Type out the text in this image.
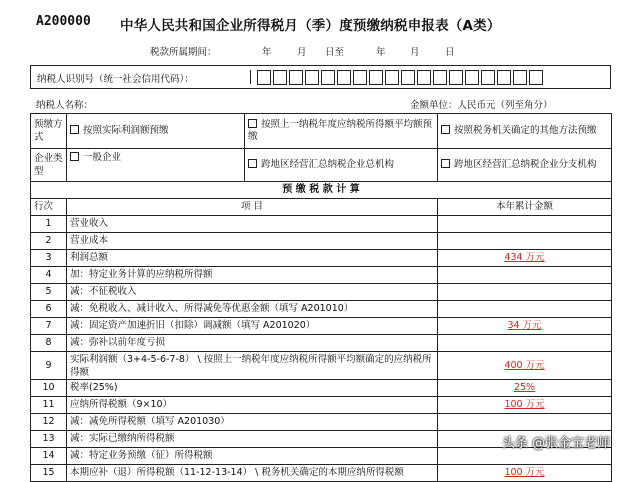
A200000 中华人民共和国企业所得税月（季）度预缴纳税申报表（A类）
税款所属期间：	年	月 日至	年	月	日
纳税人识别号（统一社会信用代码）：
纳税人名称：	金额单位：人民币元（列至角分）
预缴方式	按照实际利润额预缴	按照上一纳税年度应纳税所得额平均额预缴	按照税务机关确定的其他方法预缴
企业类型	一般企业	跨地区经营汇总纳税企业总机构	跨地区经营汇总纳税企业分支机构
预 缴 税 款 计 算			
行次	项 目		本年累计金额
1	营业收入		
2	营业成本		
3	利润总额		434 万元
4	加：特定业务计算的应纳税所得额		
5	减：不征税收入		
6	减：免税收入、减计收入、所得减免等优惠金额（填写 A201010）		
7	减：固定资产加速折旧（扣除）调减额（填写 A201020）		34 万元
8	减：弥补以前年度亏损		
9	实际利润额（3+4-5-6-7-8） \ 按照上一纳税年度应纳税所得额平均额确定的应纳税所得额		400 万元
10	税率(25%)		25%
11	应纳所得税额（9×10）		100 万元
12	减：减免所得税额（填写 A201030）		
13	减：实际已缴纳所得税额		
14	减：特定业务预缴（征）所得税额		
15	本期应补（退）所得税额（11-12-13-14） \ 税务机关确定的本期应纳所得税额		100 万元
头条 @张金宝老师
